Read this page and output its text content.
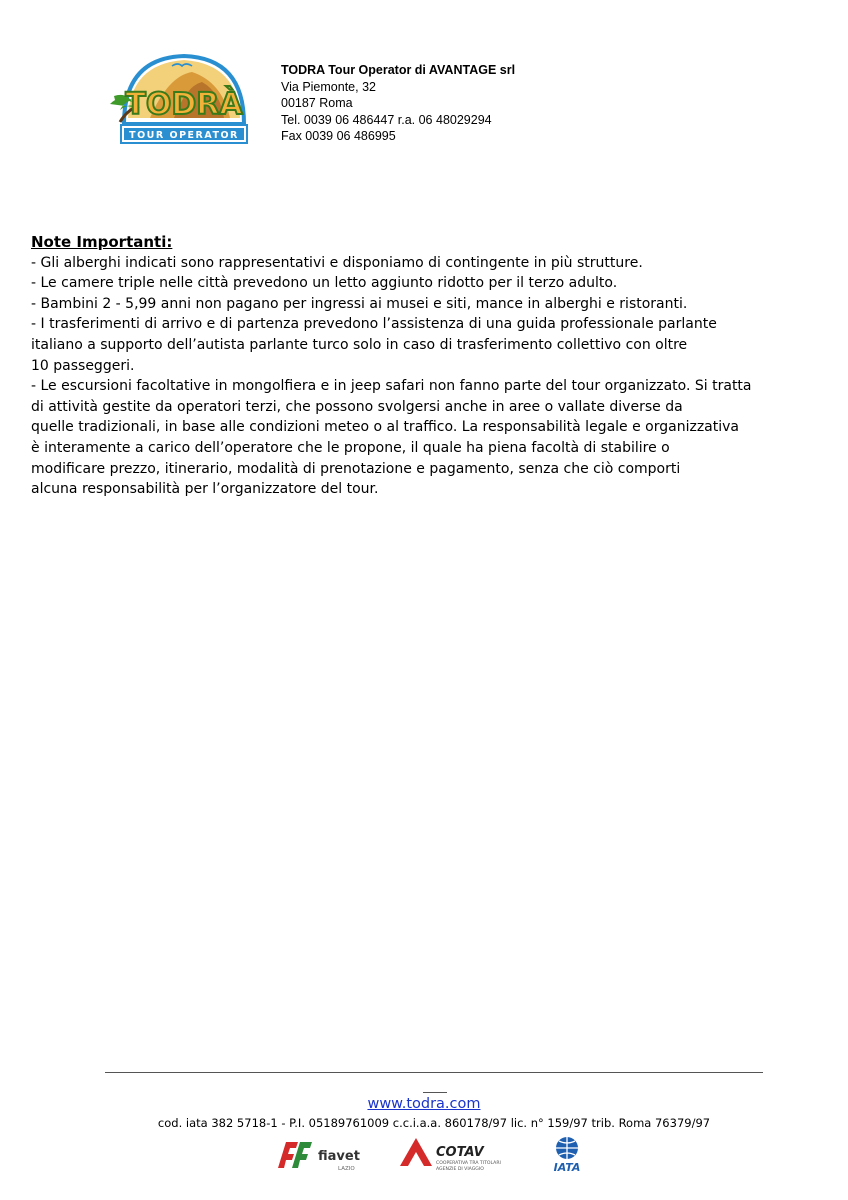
TODRÀ
TOUR OPERATOR
TODRA Tour Operator di AVANTAGE srl
Via Piemonte, 32
00187 Roma
Tel. 0039 06 486447 r.a. 06 48029294
Fax 0039 06 486995
Note Importanti:
- Gli alberghi indicati sono rappresentativi e disponiamo di contingente in più strutture.
- Le camere triple nelle città prevedono un letto aggiunto ridotto per il terzo adulto.
- Bambini 2 - 5,99 anni non pagano per ingressi ai musei e siti, mance in alberghi e ristoranti.
- I trasferimenti di arrivo e di partenza prevedono l’assistenza di una guida professionale parlante
italiano a supporto dell’autista parlante turco solo in caso di trasferimento collettivo con oltre
10 passeggeri.
- Le escursioni facoltative in mongolfiera e in jeep safari non fanno parte del tour organizzato. Si tratta
di attività gestite da operatori terzi, che possono svolgersi anche in aree o vallate diverse da
quelle tradizionali, in base alle condizioni meteo o al traffico. La responsabilità legale e organizzativa
è interamente a carico dell’operatore che le propone, il quale ha piena facoltà di stabilire o
modificare prezzo, itinerario, modalità di prenotazione e pagamento, senza che ciò comporti
alcuna responsabilità per l’organizzatore del tour.
www.todra.com
cod. iata 382 5718-1 - P.I. 05189761009 c.c.i.a.a. 860178/97 lic. n° 159/97 trib. Roma 76379/97
fiavet
LAZIO
COTAV
COOPERATIVA TRA TITOLARI
AGENZIE DI VIAGGIO	IATA
